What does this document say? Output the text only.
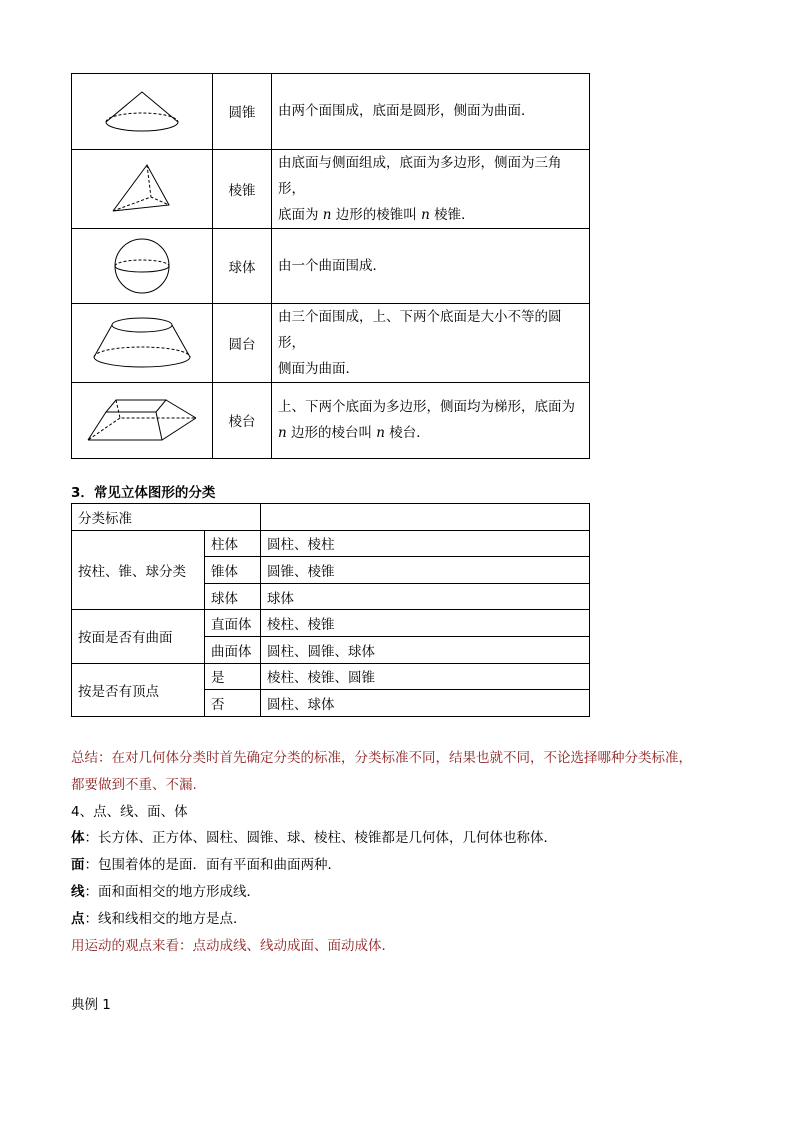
	圆锥	由两个面围成，底面是圆形，侧面为曲面．

	棱锥	由底面与侧面组成，底面为多边形，侧面为三角形，
底面为 n 边形的棱锥叫 n 棱锥．

	球体	由一个曲面围成．

	圆台	由三个面围成，上、下两个底面是大小不等的圆形，
侧面为曲面．

	棱台	上、下两个底面为多边形，侧面均为梯形，底面为
n 边形的棱台叫 n 棱台．
3．常见立体图形的分类
分类标准		
按柱、锥、球分类	柱体	圆柱、棱柱
	锥体	圆锥、棱锥
	球体	球体
按面是否有曲面	直面体	棱柱、棱锥
	曲面体	圆柱、圆锥、球体
按是否有顶点	是	棱柱、棱锥、圆锥
	否	圆柱、球体
总结：在对几何体分类时首先确定分类的标准，分类标准不同，结果也就不同，不论选择哪种分类标准，
都要做到不重、不漏.
4、点、线、面、体
体：长方体、正方体、圆柱、圆锥、球、棱柱、棱锥都是几何体，几何体也称体．
面：包围着体的是面．面有平面和曲面两种．
线：面和面相交的地方形成线．
点：线和线相交的地方是点．
用运动的观点来看：点动成线、线动成面、面动成体．
典例 1
